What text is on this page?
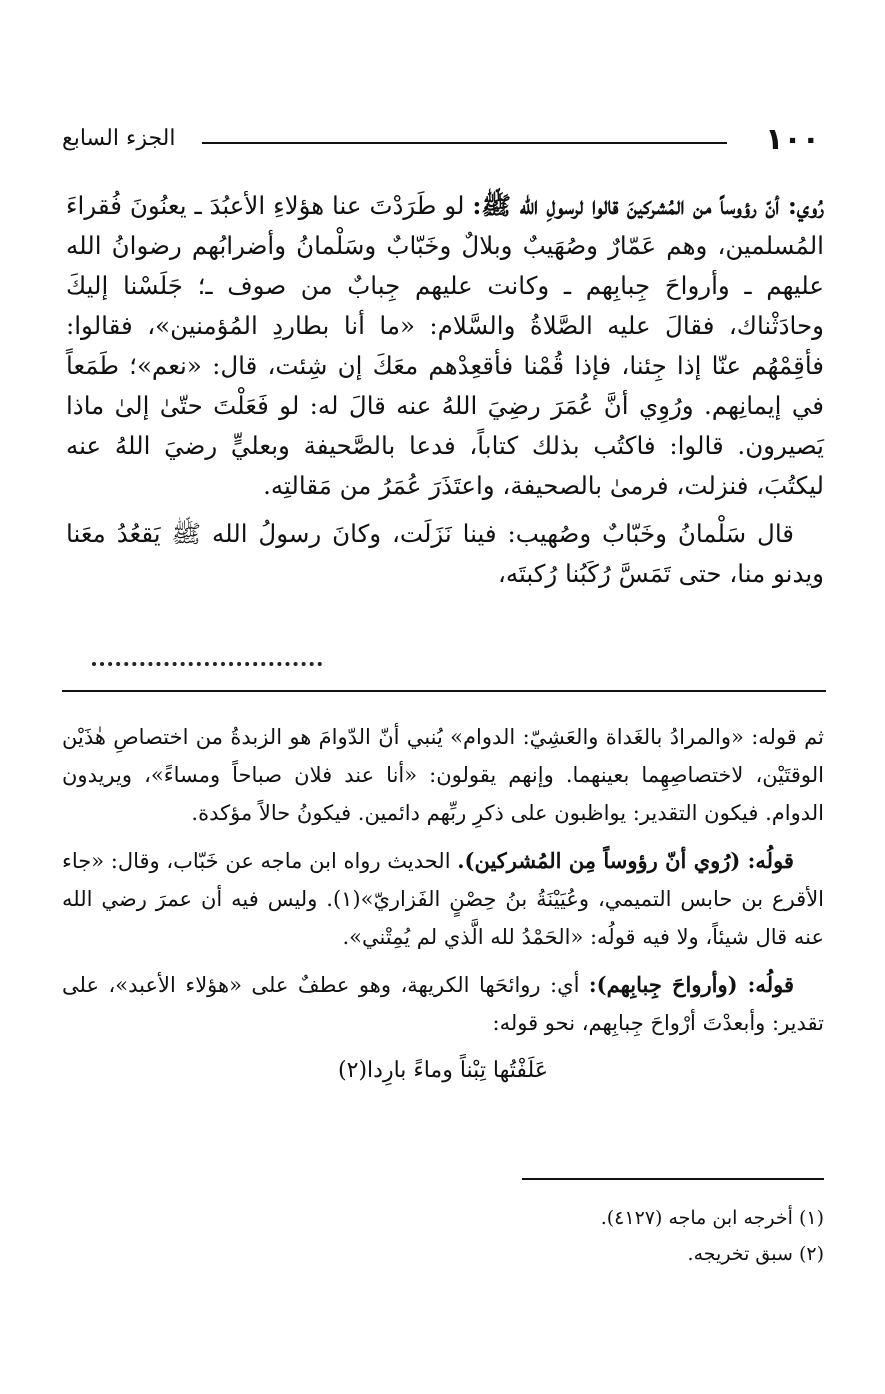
١٠٠
الجزء السابع

رُوي: أنّ رؤوساً من المُشركينَ قالوا لرسولِ الله ﷺ: لو طَرَدْتَ عنا هؤلاءِ الأعبُدَ ـ يعنُونَ فُقراءَ المُسلمين، وهم عَمّارٌ وصُهَيبٌ وبلالٌ وخَبّابٌ وسَلْمانُ وأضرابُهم رضوانُ الله عليهم ـ وأرواحَ جِبابِهم ـ وكانت عليهم جِبابٌ من صوف ـ؛ جَلَسْنا إليكَ وحادَثْناك، فقالَ عليه الصَّلاةُ والسَّلام: «ما أنا بطاردِ المُؤمنين»، فقالوا: فأقِمْهُم عنّا إذا جِئنا، فإذا قُمْنا فأقعِدْهم معَكَ إن شِئت، قال: «نعم»؛ طَمَعاً في إيمانِهم. ورُوِي أنَّ عُمَرَ رضِيَ اللهُ عنه قالَ له: لو فَعَلْتَ حتّىٰ إلىٰ ماذا يَصيرون. قالوا: فاكتُب بذلك كتاباً، فدعا بالصَّحيفة وبعليٍّ رضيَ اللهُ عنه ليكتُبَ، فنزلت، فرمىٰ بالصحيفة، واعتَذَرَ عُمَرُ من مَقالتِه.

قال سَلْمانُ وخَبّابٌ وصُهيب: فينا نَزَلَت، وكانَ رسولُ الله ﷺ يَقعُدُ معَنا ويدنو منا، حتى تَمَسَّ رُكَبُنا رُكبتَه،

ثم قوله: «والمرادُ بالغَداة والعَشِيّ: الدوام» يُنبي أنّ الدّوامَ هو الزبدةُ من اختصاصِ هٰذَيْن الوقتَيْن، لاختصاصِهِما بعينهما. وإنهم يقولون: «أنا عند فلان صباحاً ومساءً»، ويريدون الدوام. فيكون التقدير: يواظبون على ذكرِ ربِّهم دائمين. فيكونُ حالاً مؤكدة.

قولُه: (رُوي أنّ رؤوساً مِن المُشركين). الحديث رواه ابن ماجه عن خَبّاب، وقال: «جاء الأقرع بن حابس التميمي، وعُيَيْنَةُ بنُ حِصْنٍ الفَزاريّ»(١). وليس فيه أن عمرَ رضي الله عنه قال شيئاً، ولا فيه قولُه: «الحَمْدُ لله الَّذي لم يُمِتْني».

قولُه: (وأرواحَ جِبابِهم): أي: روائحَها الكريهة، وهو عطفٌ على «هؤلاء الأعبد»، على تقدير: وأبعدْتَ أرْواحَ جِبابِهم، نحو قوله:

عَلَفْتُها تِبْناً وماءً بارِدا(٢)
(١) أخرجه ابن ماجه (٤١٢٧).
(٢) سبق تخريجه.
